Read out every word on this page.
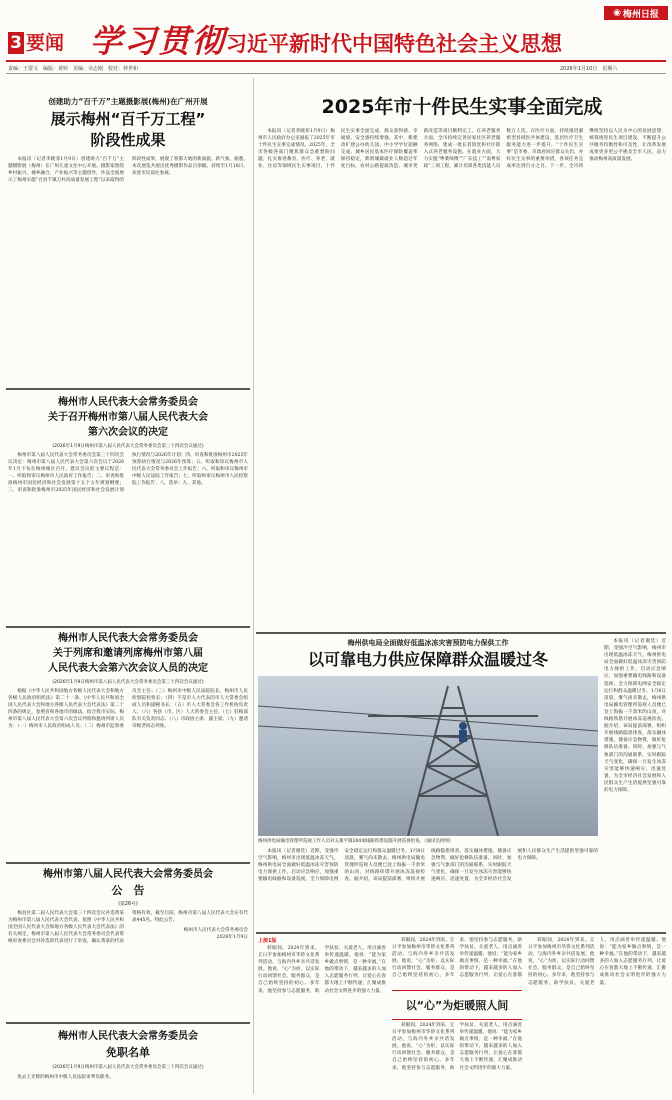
3 要闻 学习贯彻 习近平新时代中国特色社会主义思想
◉ 梅州日报
责编：王要文　编版：黄婷　美编：余志刚　校对：钟世和	2026年1月10日　星期六
创建助力“百千万”主题摄影展(梅州)在广州开展
展示梅州“百千万工程”
阶段性成果

本报讯（记者李晓菲1月9日）创建助力“百千万”主题摄影展（梅州）在广州儿童文化中心开展。摄影家围绕乡村振兴、城乡融合、产业振兴等主题创作，作品全面展示了梅州实施“百县千镇万村高质量发展工程”以来取得的阶段性成果，展现了客都大地的新面貌、新气象。据悉，本次展览共展出优秀摄影作品百余幅，持续至1月18日，欢迎市民前往参观。

梅州市人民代表大会常务委员会
关于召开梅州市第八届人民代表大会
第六次会议的决定
(2026年1月9日梅州市第八届人民代表大会常务委员会第三十四次会议通过)

梅州市第八届人民代表大会常务委员会第三十四次会议决定：梅州市第八届人民代表大会第六次会议于2026年1月下旬在梅州城区召开。建议会议的主要议程是：一、听取和审议梅州市人民政府工作报告；二、审查和批准梅州市国民经济和社会发展第十五个五年规划纲要；三、审查和批准梅州市2025年国民经济和社会发展计划执行情况与2026年计划；四、审查和批准梅州市2025年预算执行情况与2026年预算；五、听取和审议梅州市人民代表大会常务委员会工作报告；六、听取和审议梅州市中级人民法院工作报告；七、听取和审议梅州市人民检察院工作报告；八、选举；九、其他。

梅州市人民代表大会常务委员会
关于列席和邀请列席梅州市第八届
人民代表大会第六次会议人员的决定
(2026年1月9日梅州市第八届人民代表大会常务委员会第三十四次会议通过)

根据《中华人民共和国地方各级人民代表大会和地方各级人民政府组织法》第二十一条、《中华人民共和国全国人民代表大会和地方各级人民代表大会代表法》第二十四条的规定，参照省和各地市的做法，结合我市实际，梅州市第八届人民代表大会第六次会议列席和邀请列席人员为：（一）梅州市人民政府组成人员；（二）梅州市监察委员会主任；（三）梅州市中级人民法院院长、梅州市人民检察院检察长；（四）不是市人大代表的市人大常委会组成人员和副秘书长；（五）市人大常委会各工作机构负责人；（六）各县（市、区）人大常委会主任；（七）驻梅部队有关负责同志；（八）市政协主席、副主席；（九）邀请市级老同志列席。

梅州市第八届人民代表大会常务委员会
公　告
(第26号)

梅县区第二届人民代表大会第三十四次会议补选黄某为梅州市第八届人民代表大会代表。依照《中华人民共和国全国人民代表大会和地方各级人民代表大会代表法》的有关规定，梅州市第八届人民代表大会常务委员会代表资格审查委员会对补选的代表进行了审查，确认黄某的代表资格有效。截至目前，梅州市第八届人民代表大会实有代表445名。特此公告。

梅州市人民代表大会常务委员会

2026年1月9日

梅州市人民代表大会常务委员会
免职名单
(2026年1月9日梅州市第八届人民代表大会常务委员会第三十四次会议通过)

免去王光辉的梅州市中级人民法院审判员职务。

2025年市十件民生实事全面完成

本报讯（记者李晓菲1月9日）梅州市人民政府办公室通报了2025年市十件民生实事完成情况。2025年，全市各级各部门聚焦群众急难愁盼问题，扎实推进教育、医疗、养老、就业、住房等领域民生实事项目，十件民生实事全面完成，群众获得感、幸福感、安全感持续增强。其中，新建改扩建公办幼儿园、中小学学位超额完成，城乡居民基本医疗保险覆盖率保持稳定，新增城镇就业人数超过年度目标，农村公路提质改造、城市更新改造等项目顺利完工。在养老服务方面，全市持续完善居家社区养老服务网络，建成一批长者饭堂和社区嵌入式养老服务设施。在就业方面，大力实施“粤菜师傅”“广东技工”“南粤家政”三项工程，累计培训各类技能人员数万人次。在医疗方面，持续推进紧密型县域医共体建设，基层医疗卫生服务能力进一步提升。“十件民生实事”是市委、市政府回应群众关切、办好民生实事的重要举措，各项任务完成率达到百分之百。下一步，全市将继续坚持以人民为中心的发展思想，统筹推进民生项目建设，不断提升公共服务均衡性和可及性，让改革发展成果更多更公平惠及全市人民，奋力推动梅州高质量发展。

梅州供电局全面做好低温冰冻灾害预防电力保供工作
以可靠电力供应保障群众温暖过冬
梅州供电局输电管理所巡视工作人员对五寨平镇164项线路铁塔设施开展巡视检查。（通讯员供图）

本报讯（记者谢廷）近期，受强冷空气影响，梅州市出现低温冰冻天气，梅州供电局全面做好低温冰冻灾害预防电力保供工作，启动应急响应，加强重要输电线路和设备巡视，全力保障电网安全稳定运行和群众温暖过冬。1月8日清晨，雾气尚未散去，梅州供电局输电管理所巡视人员便已登上海拔一千余米的山顶，对线路铁塔开展冰冻巡视检查。据介绍，该局提前部署，组织开展线路隐患排查，落实融冰措施，储备应急物资，做好抢修队伍准备。同时，加强与气象部门的沟通联系，实时跟踪天气变化，确保一旦发生冰冻灾害能够快速响应、迅速处置，为全市经济社会发展和人民群众生产生活提供坚强可靠的电力保障。

本报讯（记者谢廷）近期，受强冷空气影响，梅州市出现低温冰冻天气，梅州供电局全面做好低温冰冻灾害预防电力保供工作，启动应急响应，加强重要输电线路和设备巡视，全力保障电网安全稳定运行和群众温暖过冬。1月8日清晨，雾气尚未散去，梅州供电局输电管理所巡视人员便已登上海拔一千余米的山顶，对线路铁塔开展冰冻巡视检查。据介绍，该局提前部署，组织开展线路隐患排查，落实融冰措施，储备应急物资，做好抢修队伍准备。同时，加强与气象部门的沟通联系，实时跟踪天气变化，确保一旦发生冰冻灾害能够快速响应、迅速处置，为全市经济社会发展和人民群众生产生活提供坚强可靠的电力保障。

上接1版

转眼间，2024年到来。丘日平参加梅州市华侨文化系列活动，与海内外乡亲共话发展。他说，“心”为炬，以实际行动回馈社会、服务群众，是自己始终坚持的初心。多年来，他坚持参与志愿服务，助学扶贫、关爱老人，用点滴善举传递温暖。他说：“能为家乡做点事情，是一种幸福。”在他的带动下，越来越多的人加入志愿服务行列，让爱心在客都大地上不断传递，汇聚成推动社会文明进步的强大力量。

转眼间，2024年到来。丘日平参加梅州市华侨文化系列活动，与海内外乡亲共话发展。他说，“心”为炬，以实际行动回馈社会、服务群众，是自己始终坚持的初心。多年来，他坚持参与志愿服务，助学扶贫、关爱老人，用点滴善举传递温暖。他说：“能为家乡做点事情，是一种幸福。”在他的带动下，越来越多的人加入志愿服务行列，让爱心在客都

以“心”为炬暖照人间

转眼间，2024年到来。丘日平参加梅州市华侨文化系列活动，与海内外乡亲共话发展。他说，“心”为炬，以实际行动回馈社会、服务群众，是自己始终坚持的初心。多年来，他坚持参与志愿服务，助学扶贫、关爱老人，用点滴善举传递温暖。他说：“能为家乡做点事情，是一种幸福。”在他的带动下，越来越多的人加入志愿服务行列，让爱心在客都大地上不断传递，汇聚成推动社会文明进步的强大力量。

转眼间，2024年到来。丘日平参加梅州市华侨文化系列活动，与海内外乡亲共话发展。他说，“心”为炬，以实际行动回馈社会、服务群众，是自己始终坚持的初心。多年来，他坚持参与志愿服务，助学扶贫、关爱老人，用点滴善举传递温暖。他说：“能为家乡做点事情，是一种幸福。”在他的带动下，越来越多的人加入志愿服务行列，让爱心在客都大地上不断传递，汇聚成推动社会文明进步的强大力量。
